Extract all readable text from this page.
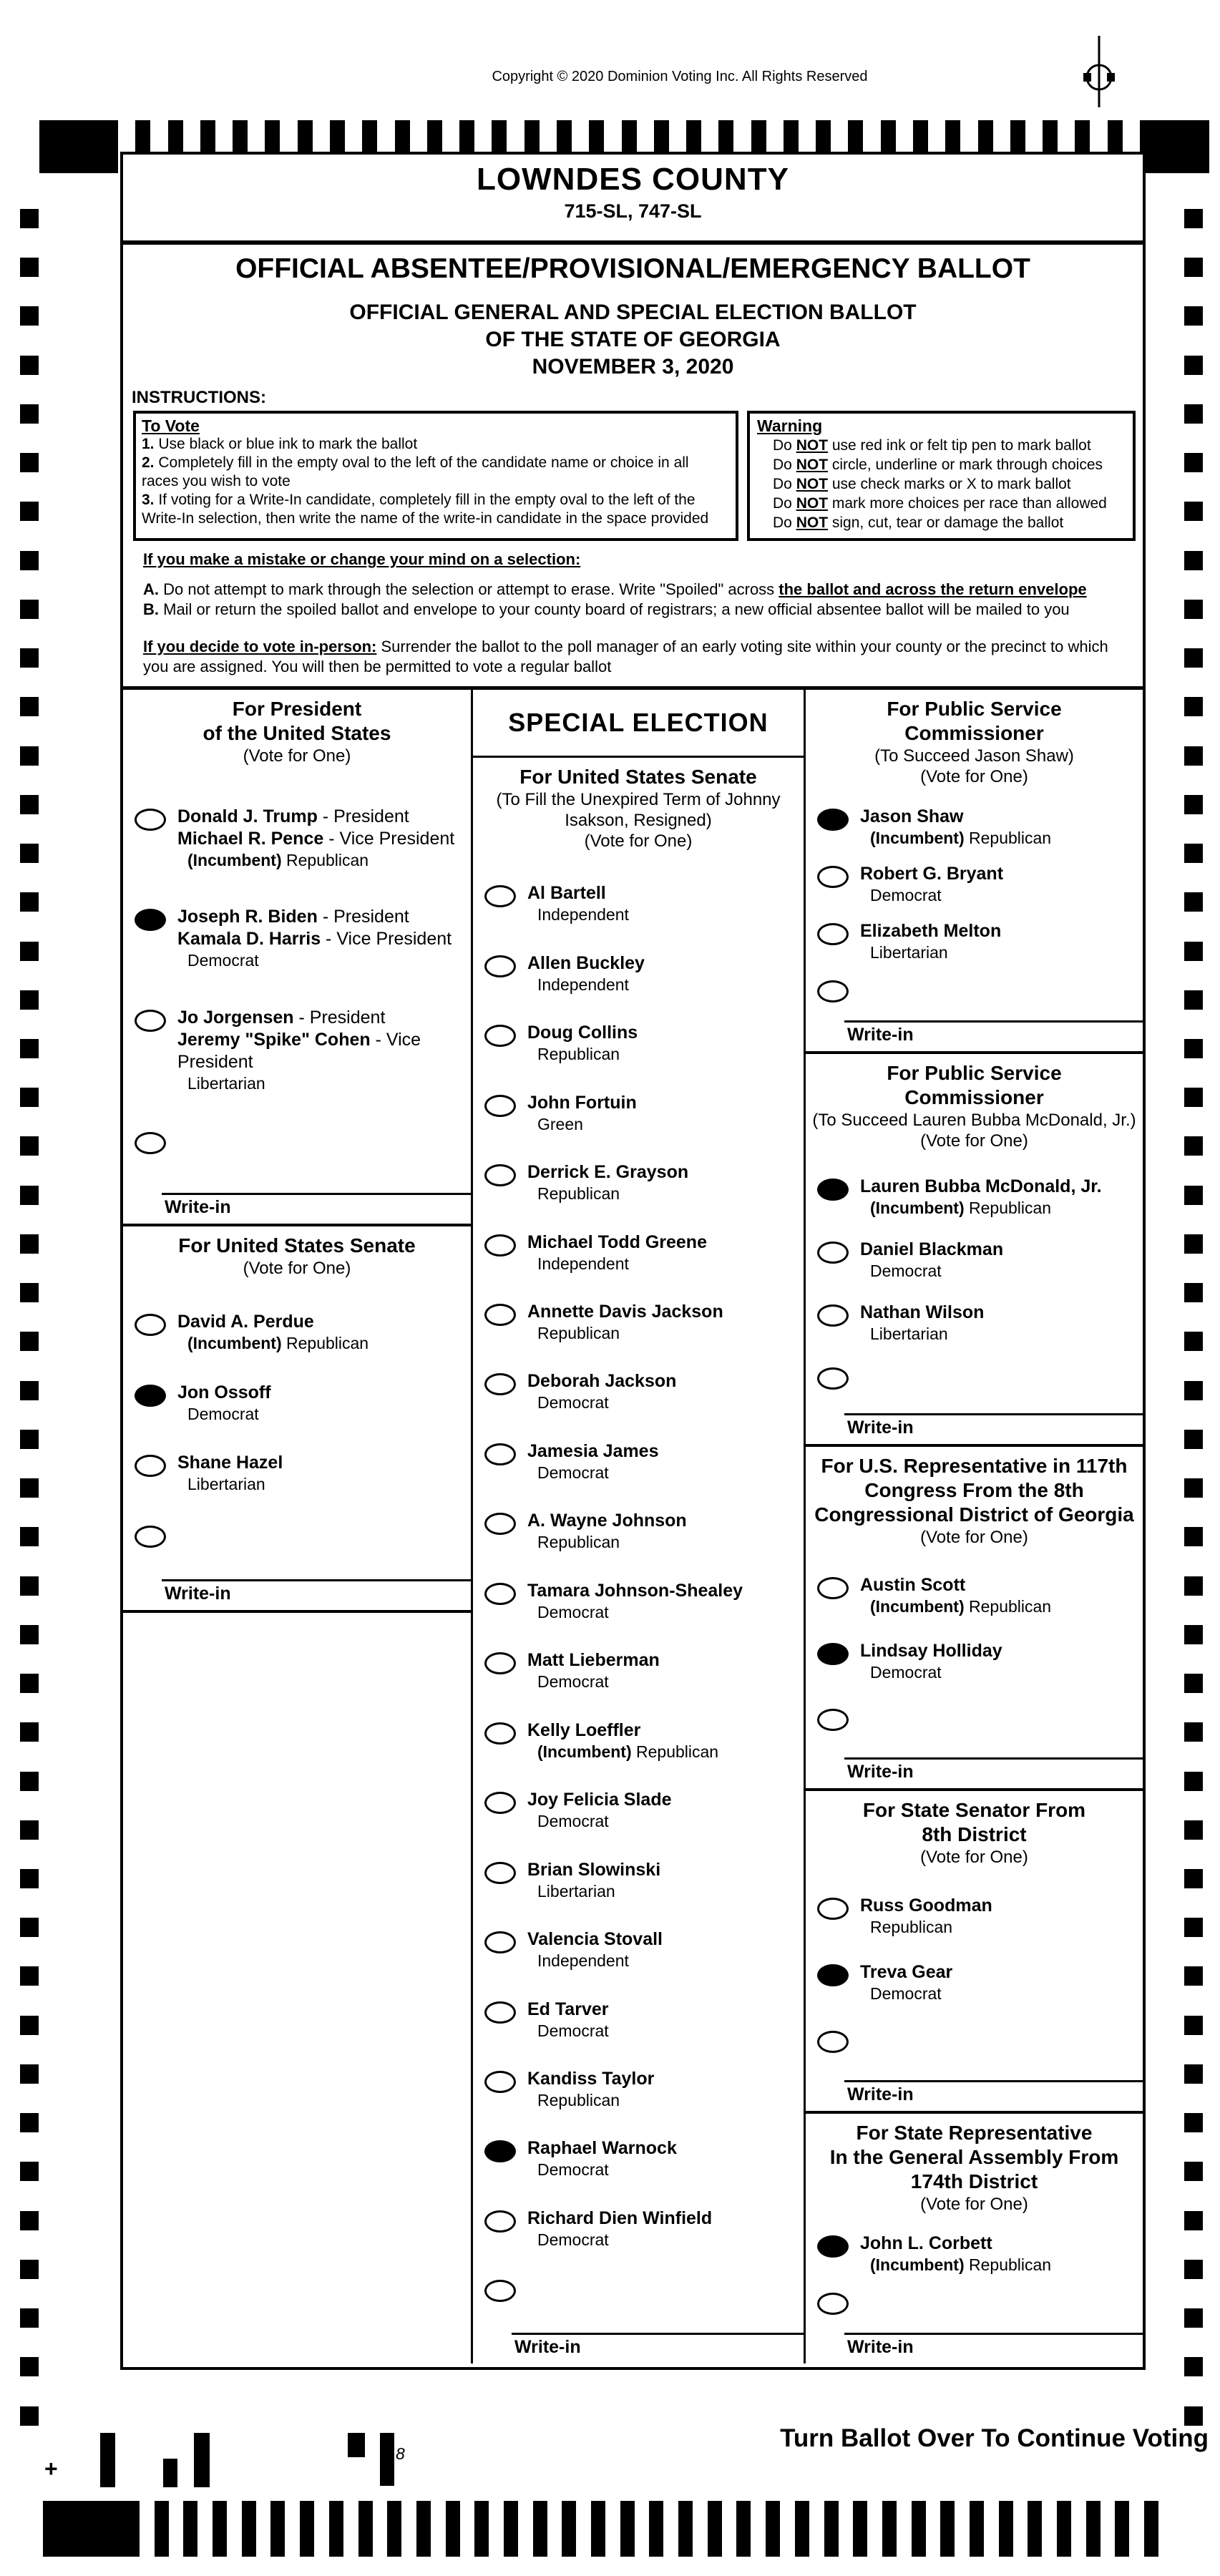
Copyright © 2020 Dominion Voting Inc. All Rights Reserved
LOWNDES COUNTY
715-SL, 747-SL
OFFICIAL ABSENTEE/PROVISIONAL/EMERGENCY BALLOT
OFFICIAL GENERAL AND SPECIAL ELECTION BALLOT
OF THE STATE OF GEORGIA
NOVEMBER 3, 2020
INSTRUCTIONS:
To Vote
1. Use black or blue ink to mark the ballot
2. Completely fill in the empty oval to the left of the candidate name or choice in all races you wish to vote
3. If voting for a Write-In candidate, completely fill in the empty oval to the left of the Write-In selection, then write the name of the write-in candidate in the space provided
Warning
Do NOT use red ink or felt tip pen to mark ballot
Do NOT circle, underline or mark through choices
Do NOT use check marks or X to mark ballot
Do NOT mark more choices per race than allowed
Do NOT sign, cut, tear or damage the ballot
If you make a mistake or change your mind on a selection:
A. Do not attempt to mark through the selection or attempt to erase. Write "Spoiled" across the ballot and across the return envelope
B. Mail or return the spoiled ballot and envelope to your county board of registrars; a new official absentee ballot will be mailed to you
If you decide to vote in-person: Surrender the ballot to the poll manager of an early voting site within your county or the precinct to which you are assigned. You will then be permitted to vote a regular ballot
For President
of the United States
(Vote for One)
Donald J. Trump - President
Michael R. Pence - Vice President
(Incumbent) Republican
Joseph R. Biden - President
Kamala D. Harris - Vice President
Democrat
Jo Jorgensen - President
Jeremy "Spike" Cohen - Vice President
Libertarian
Write-in
For United States Senate
(Vote for One)
David A. Perdue
(Incumbent) Republican
Jon Ossoff
Democrat
Shane Hazel
Libertarian
Write-in
SPECIAL ELECTION
For United States Senate
(To Fill the Unexpired Term of Johnny
Isakson, Resigned)
(Vote for One)
Al Bartell
Independent
Allen Buckley
Independent
Doug Collins
Republican
John Fortuin
Green
Derrick E. Grayson
Republican
Michael Todd Greene
Independent
Annette Davis Jackson
Republican
Deborah Jackson
Democrat
Jamesia James
Democrat
A. Wayne Johnson
Republican
Tamara Johnson-Shealey
Democrat
Matt Lieberman
Democrat
Kelly Loeffler
(Incumbent) Republican
Joy Felicia Slade
Democrat
Brian Slowinski
Libertarian
Valencia Stovall
Independent
Ed Tarver
Democrat
Kandiss Taylor
Republican
Raphael Warnock
Democrat
Richard Dien Winfield
Democrat
Write-in
For Public Service
Commissioner
(To Succeed Jason Shaw)
(Vote for One)
Jason Shaw
(Incumbent) Republican
Robert G. Bryant
Democrat
Elizabeth Melton
Libertarian
Write-in
For Public Service
Commissioner
(To Succeed Lauren Bubba McDonald, Jr.)
(Vote for One)
Lauren Bubba McDonald, Jr.
(Incumbent) Republican
Daniel Blackman
Democrat
Nathan Wilson
Libertarian
Write-in
For U.S. Representative in 117th
Congress From the 8th
Congressional District of Georgia
(Vote for One)
Austin Scott
(Incumbent) Republican
Lindsay Holliday
Democrat
Write-in
For State Senator From
8th District
(Vote for One)
Russ Goodman
Republican
Treva Gear
Democrat
Write-in
For State Representative
In the General Assembly From
174th District
(Vote for One)
John L. Corbett
(Incumbent) Republican
Write-in
+
8
Turn Ballot Over To Continue Voting
